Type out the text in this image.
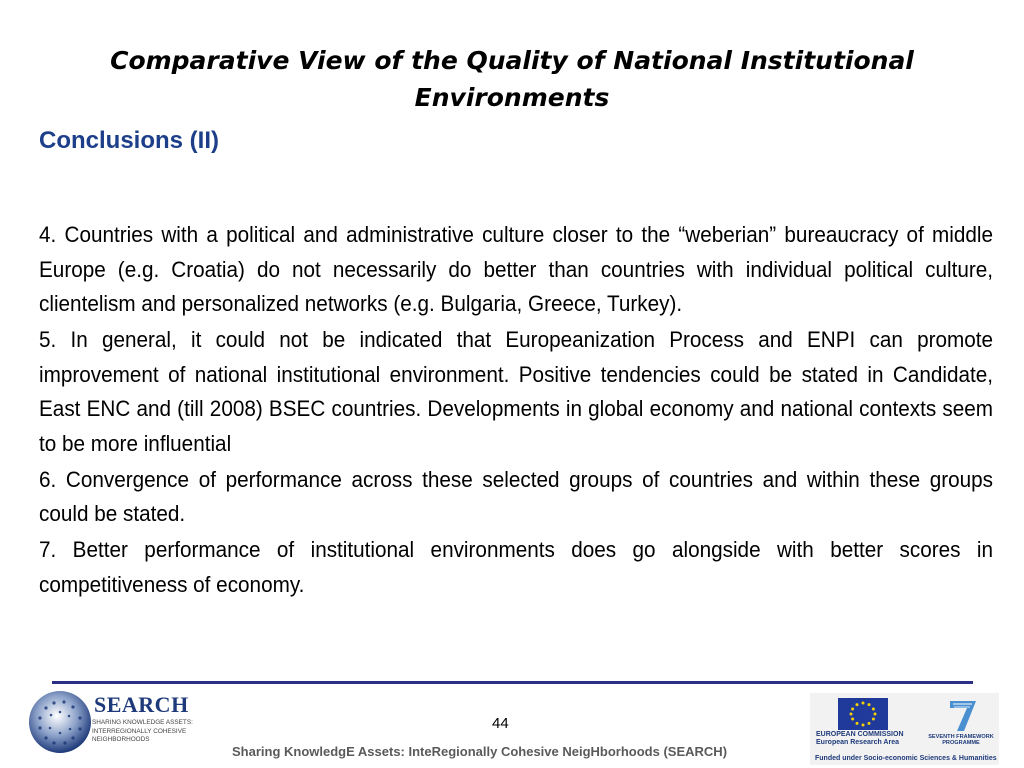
Comparative View of the Quality of National Institutional Environments
Conclusions (II)

4. Countries with a political and administrative culture closer to the “weberian” bureaucracy of middle Europe (e.g. Croatia) do not necessarily do better than countries with individual political culture, clientelism and personalized networks (e.g. Bulgaria, Greece, Turkey).

5. In general, it could not be indicated that Europeanization Process and ENPI can promote improvement of national institutional environment. Positive tendencies could be stated in Candidate, East ENC and (till 2008) BSEC countries. Developments in global economy and national contexts seem to be more influential

6. Convergence of performance across these selected groups of countries and within these groups could be stated.

7. Better performance of institutional environments does go alongside with better scores in competitiveness of economy.

SEARCH
SHARING KNOWLEDGE ASSETS:
INTERREGIONALLY COHESIVE
NEIGHBORHOODS
44
Sharing KnowledgE Assets: InteRegionally Cohesive NeigHborhoods (SEARCH)
EUROPEAN COMMISSION
European Research Area
SEVENTH FRAMEWORK
PROGRAMME
Funded under Socio-economic Sciences & Humanities
